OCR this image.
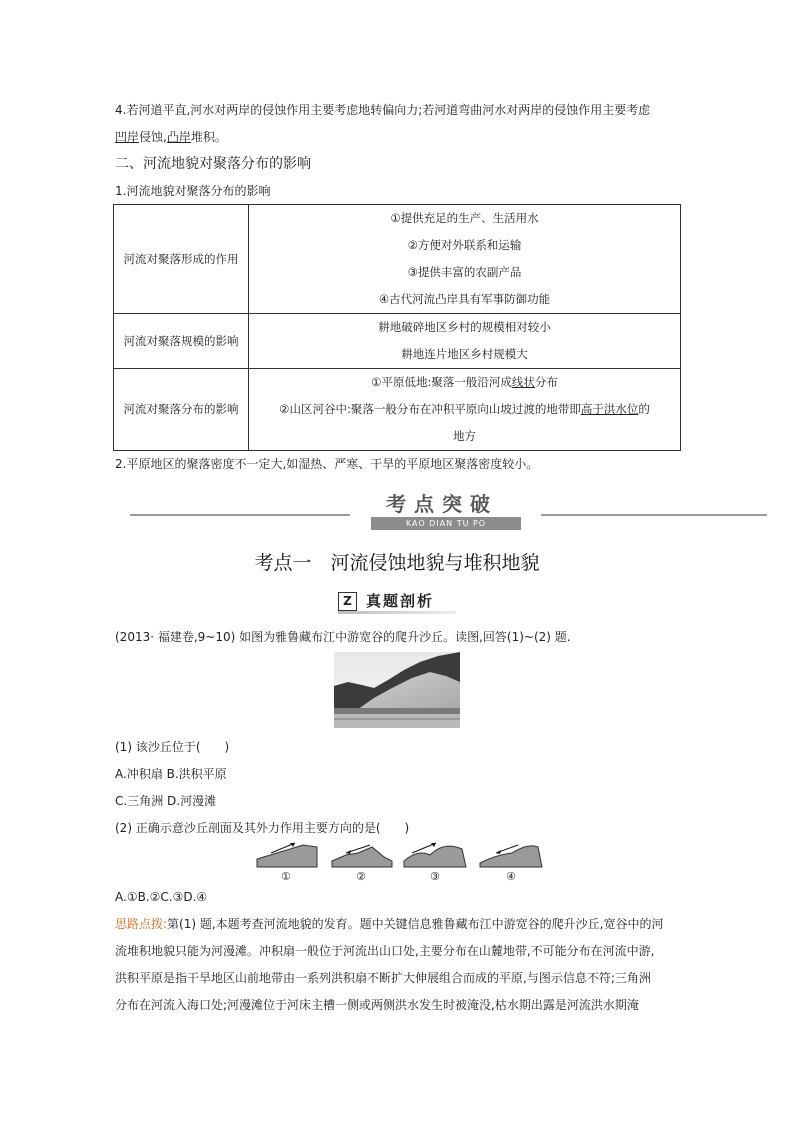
4.若河道平直,河水对两岸的侵蚀作用主要考虑地转偏向力;若河道弯曲河水对两岸的侵蚀作用主要考虑
凹岸侵蚀,凸岸堆积。
二、河流地貌对聚落分布的影响
1.河流地貌对聚落分布的影响
河流对聚落形成的作用	①提供充足的生产、生活用水
②方便对外联系和运输
③提供丰富的农副产品
④古代河流凸岸具有军事防御功能

河流对聚落规模的影响	耕地破碎地区乡村的规模相对较小
耕地连片地区乡村规模大

河流对聚落分布的影响	①平原低地:聚落一般沿河成线状分布
②山区河谷中:聚落一般分布在冲积平原向山坡过渡的地带即高于洪水位的
地方
2.平原地区的聚落密度不一定大,如湿热、严寒、干旱的平原地区聚落密度较小。
考点突破
KAO DIAN TU PO
考点一　河流侵蚀地貌与堆积地貌
Z 真题剖析
(2013· 福建卷,9~10) 如图为雅鲁藏布江中游宽谷的爬升沙丘。读图,回答(1)~(2) 题.
(1) 该沙丘位于(　　)
A.冲积扇 B.洪积平原
C.三角洲 D.河漫滩
(2) 正确示意沙丘剖面及其外力作用主要方向的是(　　)
①	②	③	④
A.①B.②C.③D.④
思路点拨:第(1) 题,本题考查河流地貌的发育。题中关键信息雅鲁藏布江中游宽谷的爬升沙丘,宽谷中的河
流堆积地貌只能为河漫滩。冲积扇一般位于河流出山口处,主要分布在山麓地带,不可能分布在河流中游,
洪积平原是指干旱地区山前地带由一系列洪积扇不断扩大伸展组合而成的平原,与图示信息不符;三角洲
分布在河流入海口处;河漫滩位于河床主槽一侧或两侧洪水发生时被淹没,枯水期出露是河流洪水期淹
